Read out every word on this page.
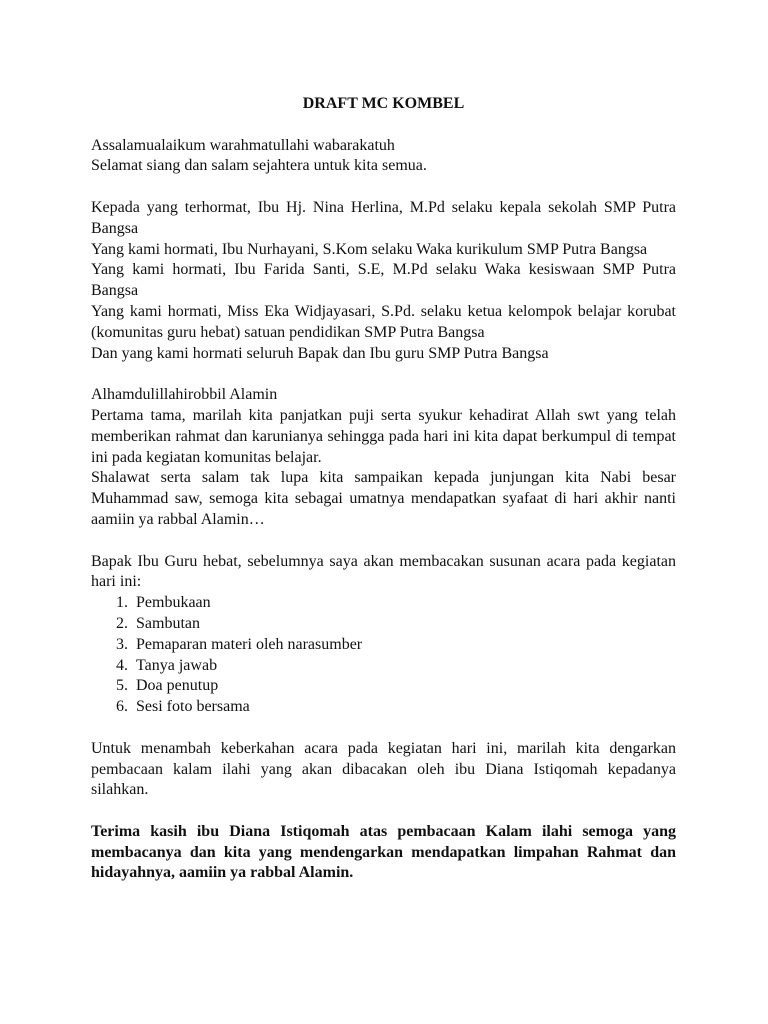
DRAFT MC KOMBEL

Assalamualaikum warahmatullahi wabarakatuh

Selamat siang dan salam sejahtera untuk kita semua.

Kepada yang terhormat, Ibu Hj. Nina Herlina, M.Pd selaku kepala sekolah SMP Putra Bangsa

Yang kami hormati, Ibu Nurhayani, S.Kom selaku Waka kurikulum SMP Putra Bangsa

Yang kami hormati, Ibu Farida Santi, S.E, M.Pd selaku Waka kesiswaan SMP Putra Bangsa

Yang kami hormati, Miss Eka Widjayasari, S.Pd. selaku ketua kelompok belajar korubat (komunitas guru hebat) satuan pendidikan SMP Putra Bangsa

Dan yang kami hormati seluruh Bapak dan Ibu guru SMP Putra Bangsa

Alhamdulillahirobbil Alamin

Pertama tama, marilah kita panjatkan puji serta syukur kehadirat Allah swt yang telah memberikan rahmat dan karunianya sehingga pada hari ini kita dapat berkumpul di tempat ini pada kegiatan komunitas belajar.

Shalawat serta salam tak lupa kita sampaikan kepada junjungan kita Nabi besar Muhammad saw, semoga kita sebagai umatnya mendapatkan syafaat di hari akhir nanti aamiin ya rabbal Alamin…

Bapak Ibu Guru hebat, sebelumnya saya akan membacakan susunan acara pada kegiatan hari ini:

1. Pembukaan
2. Sambutan
3. Pemaparan materi oleh narasumber
4. Tanya jawab
5. Doa penutup
6. Sesi foto bersama

Untuk menambah keberkahan acara pada kegiatan hari ini, marilah kita dengarkan pembacaan kalam ilahi yang akan dibacakan oleh ibu Diana Istiqomah kepadanya silahkan.

Terima kasih ibu Diana Istiqomah atas pembacaan Kalam ilahi semoga yang membacanya dan kita yang mendengarkan mendapatkan limpahan Rahmat dan hidayahnya, aamiin ya rabbal Alamin.
